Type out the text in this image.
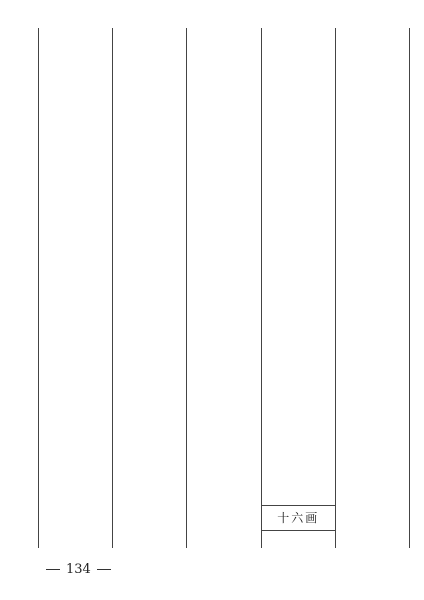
十六画
134
